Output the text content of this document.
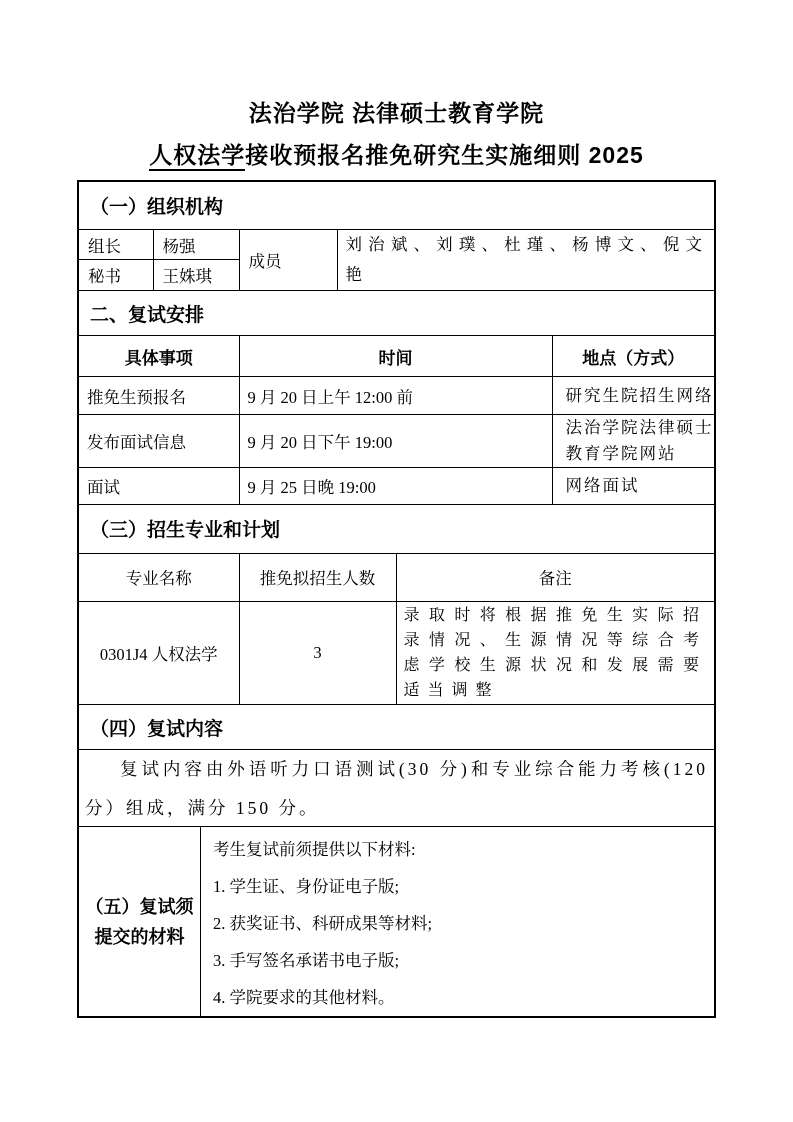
法治学院 法律硕士教育学院
人权法学接收预报名推免研究生实施细则 2025
（一）组织机构
组长	杨强	成员	刘治斌、刘璞、杜瑾、杨博文、倪文艳
秘书	王姝琪		
二、复试安排
具体事项	时间	地点（方式）
推免生预报名	9 月 20 日上午 12:00 前	研究生院招生网络
发布面试信息	9 月 20 日下午 19:00	法治学院法律硕士教育学院网站
面试	9 月 25 日晚 19:00	网络面试
（三）招生专业和计划
专业名称	推免拟招生人数	备注
0301J4 人权法学	3	录取时将根据推免生实际招录情况、生源情况等综合考虑学校生源状况和发展需要适当调整
（四）复试内容
复试内容由外语听力口语测试(30 分)和专业综合能力考核(120 分）组成，满分 150 分。
（五）复试须提交的材料

考生复试前须提供以下材料:

1. 学生证、身份证电子版;

2. 获奖证书、科研成果等材料;

3. 手写签名承诺书电子版;

4. 学院要求的其他材料。
